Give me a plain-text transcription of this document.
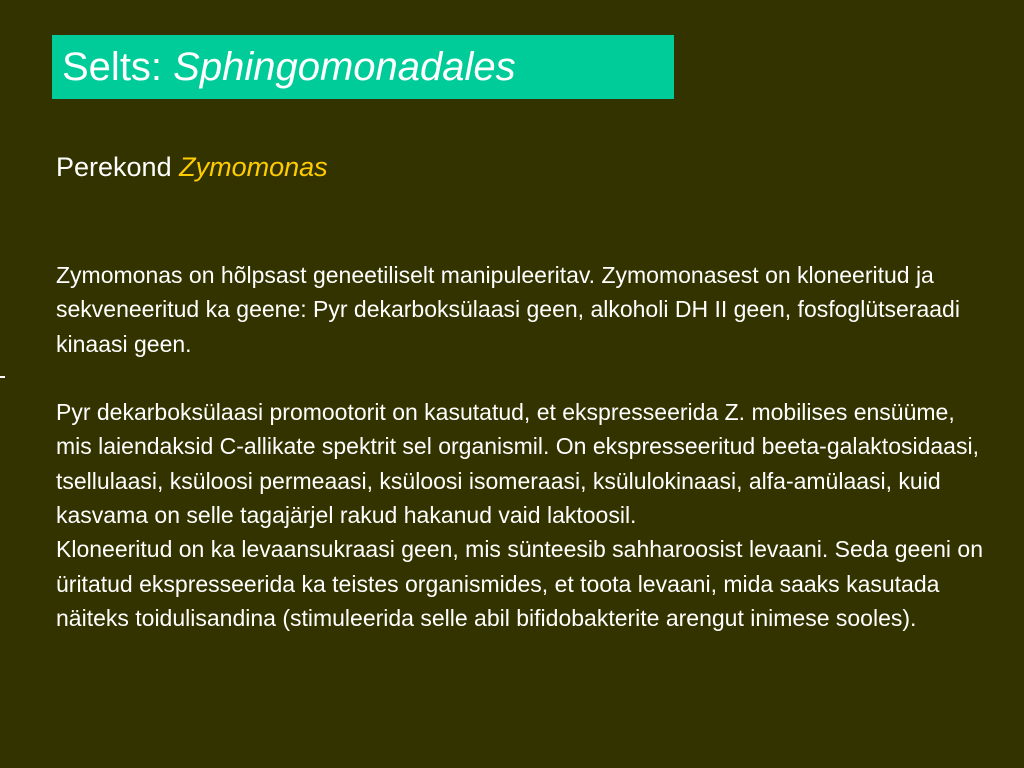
Selts: Sphingomonadales
Perekond Zymomonas

Zymomonas on hõlpsast geneetiliselt manipuleeritav. Zymomonasest on kloneeritud ja sekveneeritud ka geene: Pyr dekarboksülaasi geen, alkoholi DH II geen, fosfoglütseraadi kinaasi geen.

Pyr dekarboksülaasi promootorit on kasutatud, et ekspresseerida Z. mobilises ensüüme, mis laiendaksid C-allikate spektrit sel organismil. On ekspresseeritud beeta-galaktosidaasi, tsellulaasi, ksüloosi permeaasi, ksüloosi isomeraasi, ksülulokinaasi, alfa-amülaasi, kuid kasvama on selle tagajärjel rakud hakanud vaid laktoosil.

Kloneeritud on ka levaansukraasi geen, mis sünteesib sahharoosist levaani. Seda geeni on üritatud ekspresseerida ka teistes organismides, et toota levaani, mida saaks kasutada näiteks toidulisandina (stimuleerida selle abil bifidobakterite arengut inimese sooles).
